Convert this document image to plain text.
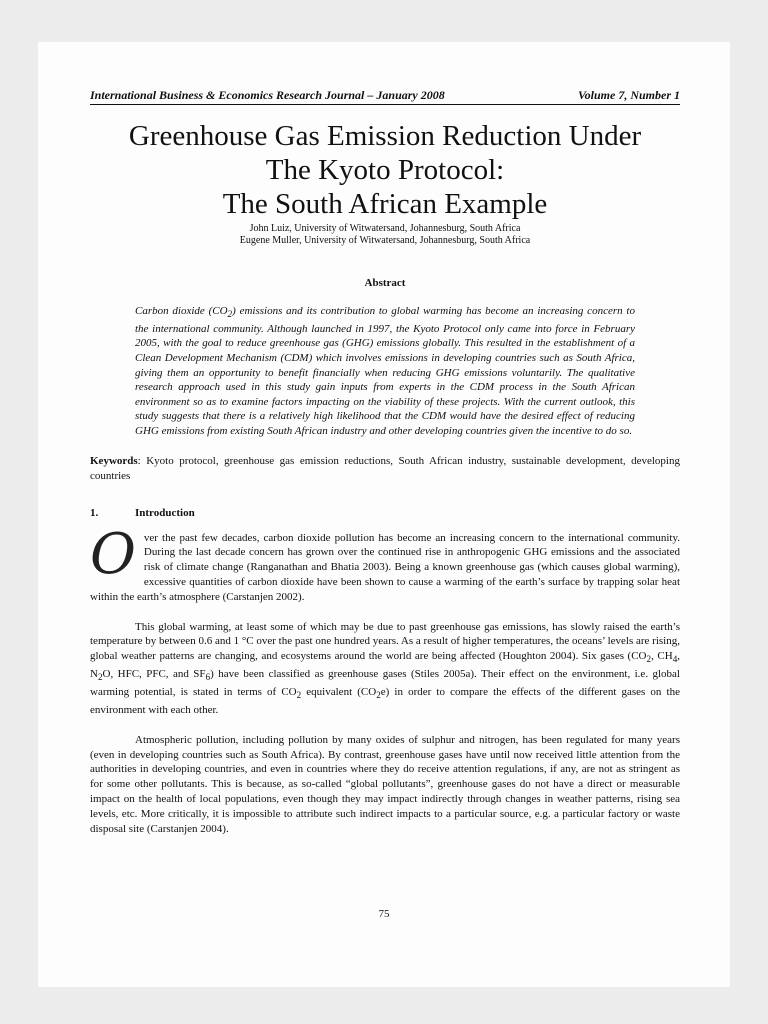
International Business & Economics Research Journal – January 2008	Volume 7, Number 1
Greenhouse Gas Emission Reduction Under
The Kyoto Protocol:
The South African Example
John Luiz, University of Witwatersand, Johannesburg, South Africa
Eugene Muller, University of Witwatersand, Johannesburg, South Africa
Abstract

Carbon dioxide $(CO_2)$ emissions and its contribution to global warming has become an increasing concern to the international community. Although launched in 1997, the Kyoto Protocol only came into force in February 2005, with the goal to reduce greenhouse gas (GHG) emissions globally. This resulted in the establishment of a Clean Development Mechanism (CDM) which involves emissions in developing countries such as South Africa, giving them an opportunity to benefit financially when reducing GHG emissions voluntarily. The qualitative research approach used in this study gain inputs from experts in the CDM process in the South African environment so as to examine factors impacting on the viability of these projects. With the current outlook, this study suggests that there is a relatively high likelihood that the CDM would have the desired effect of reducing GHG emissions from existing South African industry and other developing countries given the incentive to do so.

Keywords: Kyoto protocol, greenhouse gas emission reductions, South African industry, sustainable development, developing countries

1.	Introduction

Over the past few decades, carbon dioxide pollution has become an increasing concern to the international community. During the last decade concern has grown over the continued rise in anthropogenic GHG emissions and the associated risk of climate change (Ranganathan and Bhatia 2003). Being a known greenhouse gas (which causes global warming), excessive quantities of carbon dioxide have been shown to cause a warming of the earth’s surface by trapping solar heat within the earth’s atmosphere (Carstanjen 2002).

This global warming, at least some of which may be due to past greenhouse gas emissions, has slowly raised the earth’s temperature by between 0.6 and 1 °C over the past one hundred years. As a result of higher temperatures, the oceans’ levels are rising, global weather patterns are changing, and ecosystems around the world are being affected (Houghton 2004). Six gases ($CO_2$, $CH_4$, $N_2O$, HFC, PFC, and $SF_6$) have been classified as greenhouse gases (Stiles 2005a). Their effect on the environment, i.e. global warming potential, is stated in terms of $CO_2$ equivalent $(CO_2e)$ in order to compare the effects of the different gases on the environment with each other.

Atmospheric pollution, including pollution by many oxides of sulphur and nitrogen, has been regulated for many years (even in developing countries such as South Africa). By contrast, greenhouse gases have until now received little attention from the authorities in developing countries, and even in countries where they do receive attention regulations, if any, are not as stringent as for some other pollutants. This is because, as so-called “global pollutants”, greenhouse gases do not have a direct or measurable impact on the health of local populations, even though they may impact indirectly through changes in weather patterns, rising sea levels, etc. More critically, it is impossible to attribute such indirect impacts to a particular source, e.g. a particular factory or waste disposal site (Carstanjen 2004).

75
